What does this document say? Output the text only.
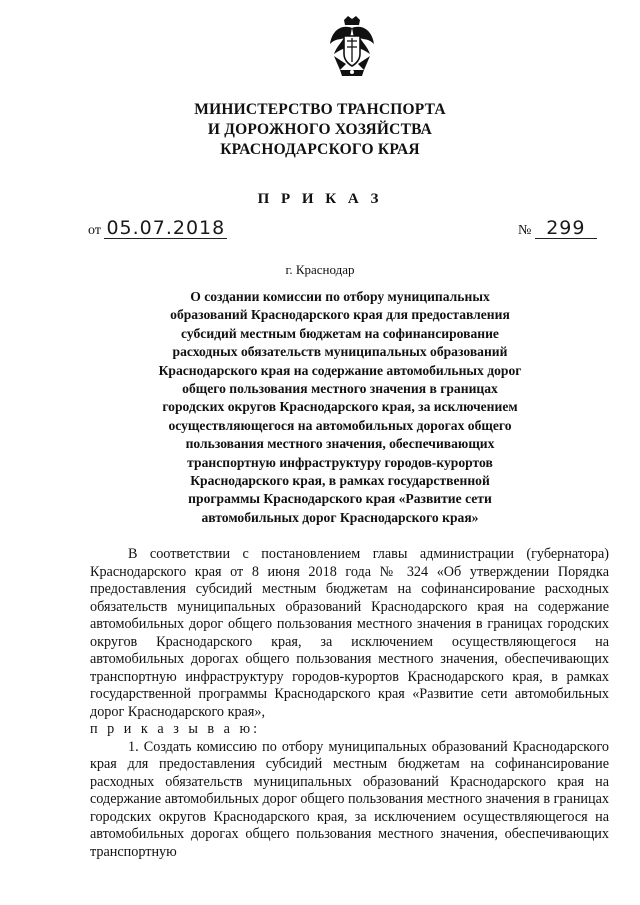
МИНИСТЕРСТВО ТРАНСПОРТА
И ДОРОЖНОГО ХОЗЯЙСТВА
КРАСНОДАРСКОГО КРАЯ
П Р И К А З
от 05.07.2018	№ 299
г. Краснодар
О создании комиссии по отбору муниципальных
образований Краснодарского края для предоставления
субсидий местным бюджетам на софинансирование
расходных обязательств муниципальных образований
Краснодарского края на содержание автомобильных дорог
общего пользования местного значения в границах
городских округов Краснодарского края, за исключением
осуществляющегося на автомобильных дорогах общего
пользования местного значения, обеспечивающих
транспортную инфраструктуру городов-курортов
Краснодарского края, в рамках государственной
программы Краснодарского края «Развитие сети
автомобильных дорог Краснодарского края»

В соответствии с постановлением главы администрации (губернатора) Краснодарского края от 8 июня 2018 года № 324 «Об утверждении Порядка предоставления субсидий местным бюджетам на софинансирование расходных обязательств муниципальных образований Краснодарского края на содержание автомобильных дорог общего пользования местного значения в границах городских округов Краснодарского края, за исключением осуществляющегося на автомобильных дорогах общего пользования местного значения, обеспечивающих транспортную инфраструктуру городов-курортов Краснодарского края, в рамках государственной программы Краснодарского края «Развитие сети автомобильных дорог Краснодарского края»,

п р и к а з ы в а ю:

1. Создать комиссию по отбору муниципальных образований Краснодарского края для предоставления субсидий местным бюджетам на софинансирование расходных обязательств муниципальных образований Краснодарского края на содержание автомобильных дорог общего пользования местного значения в границах городских округов Краснодарского края, за исключением осуществляющегося на автомобильных дорогах общего пользования местного значения, обеспечивающих транспортную
